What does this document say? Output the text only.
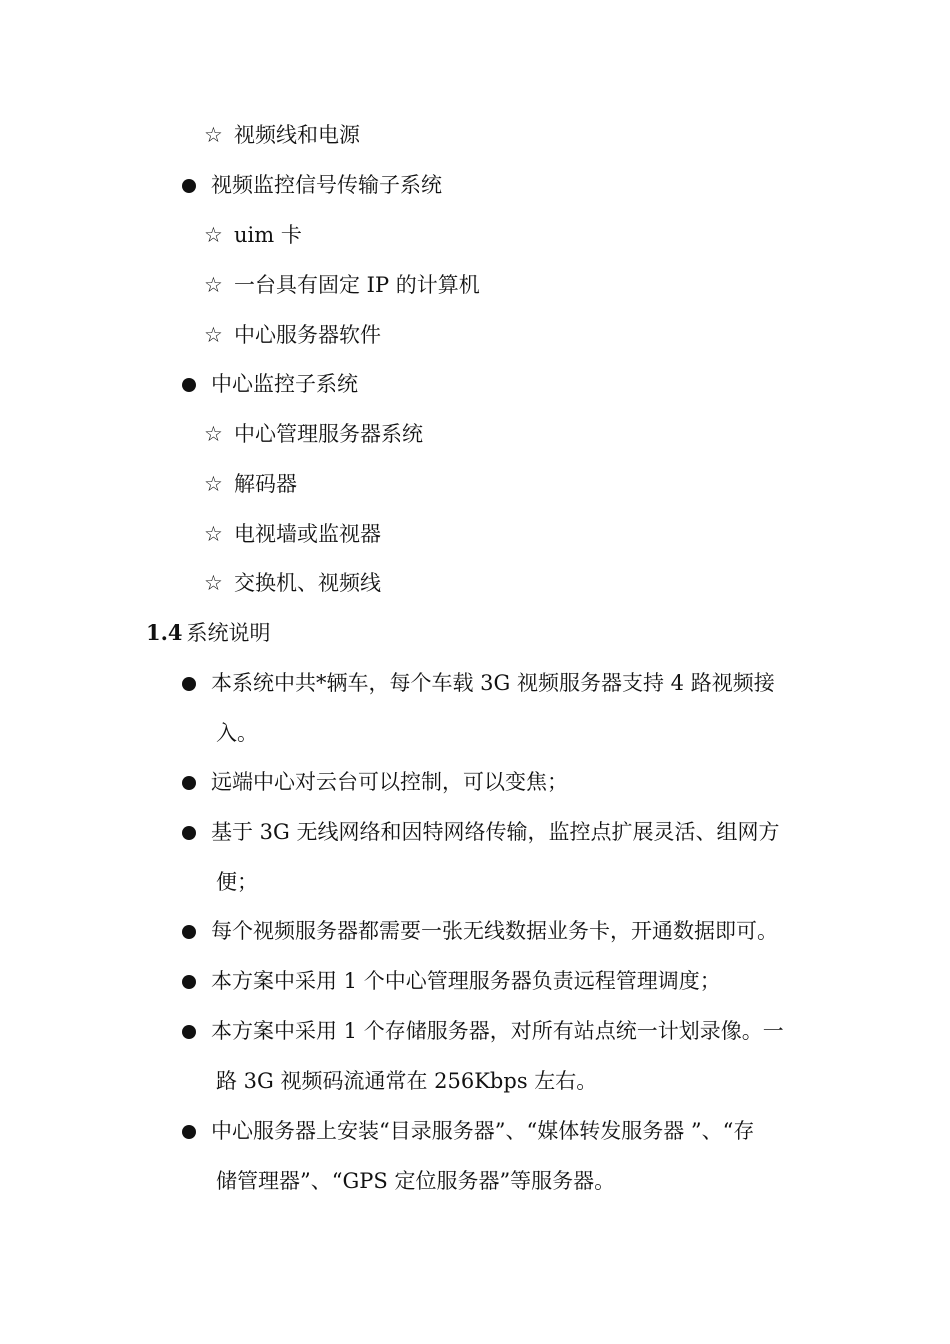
☆ 视频线和电源
视频监控信号传输子系统
☆ uim 卡
☆ 一台具有固定 IP 的计算机
☆ 中心服务器软件
中心监控子系统
☆ 中心管理服务器系统
☆ 解码器
☆ 电视墙或监视器
☆ 交换机、视频线
1.4 系统说明
本系统中共*辆车，每个车载 3G 视频服务器支持 4 路视频接
入。
远端中心对云台可以控制，可以变焦；
基于 3G 无线网络和因特网络传输，监控点扩展灵活、组网方
便；
每个视频服务器都需要一张无线数据业务卡，开通数据即可。
本方案中采用 1 个中心管理服务器负责远程管理调度；
本方案中采用 1 个存储服务器，对所有站点统一计划录像。一
路 3G 视频码流通常在 256Kbps 左右。
中心服务器上安装“目录服务器”、“媒体转发服务器 ”、“存
储管理器”、“GPS 定位服务器”等服务器。
